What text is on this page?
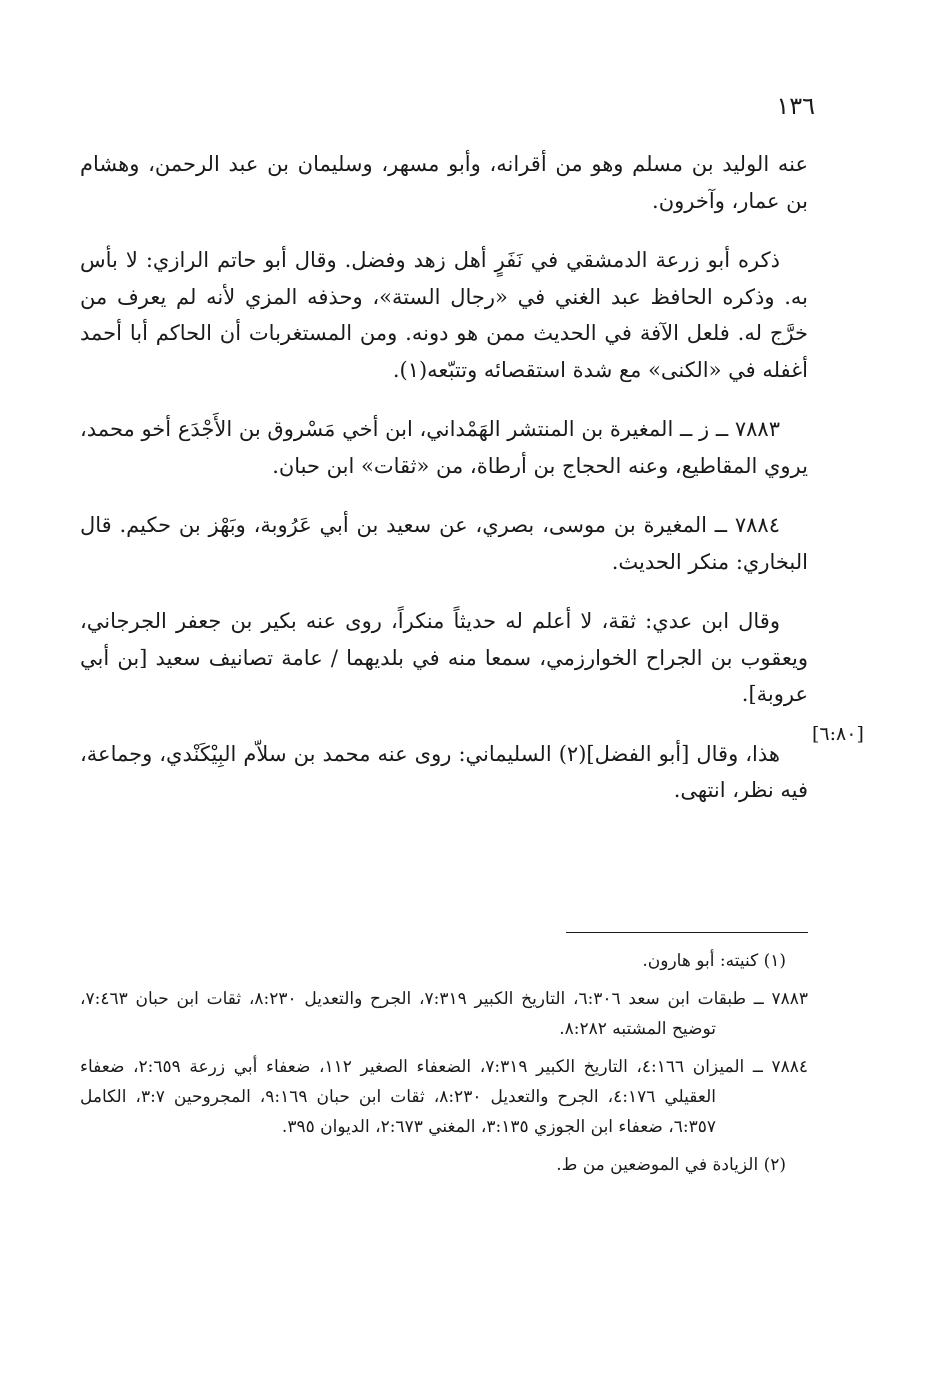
١٣٦

عنه الوليد بن مسلم وهو من أقرانه، وأبو مسهر، وسليمان بن عبد الرحمن، وهشام بن عمار، وآخرون.

ذكره أبو زرعة الدمشقي في نَفَرٍ أهل زهد وفضل. وقال أبو حاتم الرازي: لا بأس به. وذكره الحافظ عبد الغني في «رجال الستة»، وحذفه المزي لأنه لم يعرف من خرَّج له. فلعل الآفة في الحديث ممن هو دونه. ومن المستغربات أن الحاكم أبا أحمد أغفله في «الكنى» مع شدة استقصائه وتتبّعه(١).

٧٨٨٣ ــ ز ــ المغيرة بن المنتشر الهَمْداني، ابن أخي مَسْروق بن الأَجْدَع أخو محمد، يروي المقاطيع، وعنه الحجاج بن أرطاة، من «ثقات» ابن حبان.

٧٨٨٤ ــ المغيرة بن موسى، بصري، عن سعيد بن أبي عَرُوبة، وبَهْز بن حكيم. قال البخاري: منكر الحديث.

وقال ابن عدي: ثقة، لا أعلم له حديثاً منكراً، روى عنه بكير بن جعفر الجرجاني، ويعقوب بن الجراح الخوارزمي، سمعا منه في بلديهما / عامة تصانيف سعيد [بن أبي عروبة].

هذا، وقال [أبو الفضل](٢) السليماني: روى عنه محمد بن سلاّم البِيْكَنْدي، وجماعة، فيه نظر، انتهى.

[٦:٨٠]

(١) كنيته: أبو هارون.

٧٨٨٣ ــ طبقات ابن سعد ٦:٣٠٦، التاريخ الكبير ٧:٣١٩، الجرح والتعديل ٨:٢٣٠، ثقات ابن حبان ٧:٤٦٣، توضيح المشتبه ٨:٢٨٢.

٧٨٨٤ ــ الميزان ٤:١٦٦، التاريخ الكبير ٧:٣١٩، الضعفاء الصغير ١١٢، ضعفاء أبي زرعة ٢:٦٥٩، ضعفاء العقيلي ٤:١٧٦، الجرح والتعديل ٨:٢٣٠، ثقات ابن حبان ٩:١٦٩، المجروحين ٣:٧، الكامل ٦:٣٥٧، ضعفاء ابن الجوزي ٣:١٣٥، المغني ٢:٦٧٣، الديوان ٣٩٥.

(٢) الزيادة في الموضعين من ط.
